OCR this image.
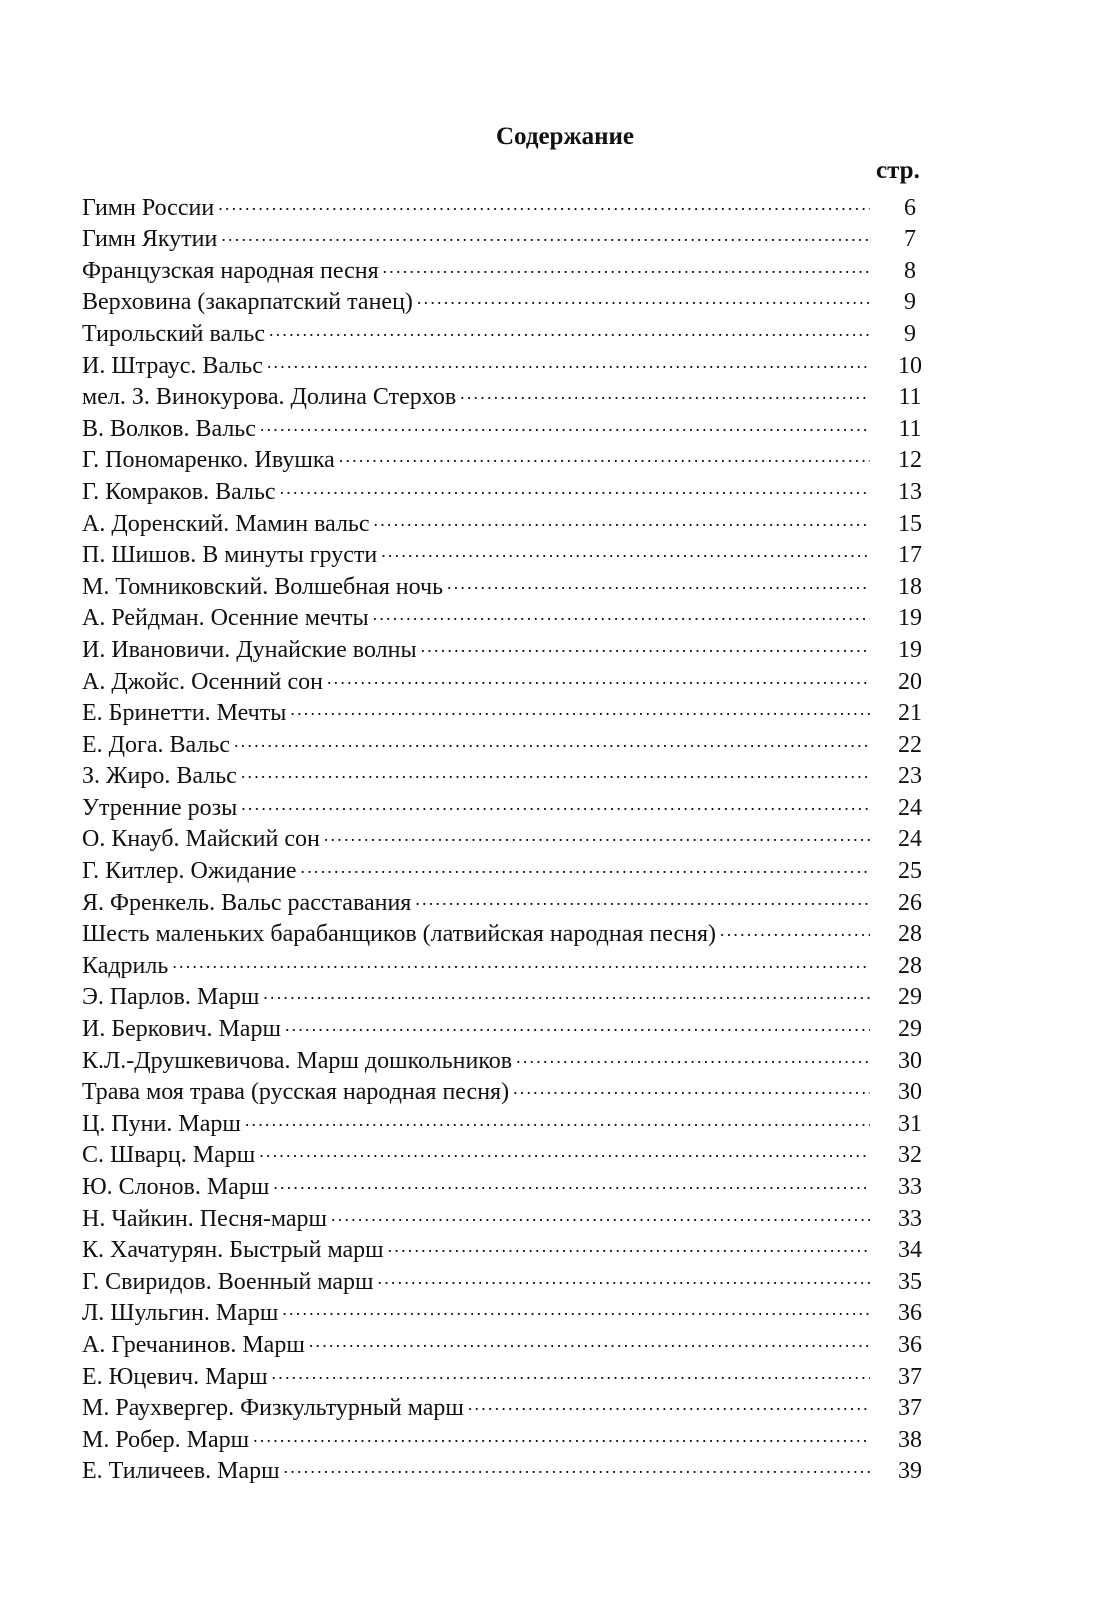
Содержание
стр.
Гимн России .....	6
Гимн Якутии .....	7
Французская народная песня .....	8
Верховина (закарпатский танец) .....	9
Тирольский вальс .....	9
И. Штраус. Вальс .....	10
мел. З. Винокурова. Долина Стерхов .....	11
В. Волков. Вальс .....	11
Г. Пономаренко. Ивушка .....	12
Г. Комраков. Вальс .....	13
А. Доренский. Мамин вальс .....	15
П. Шишов. В минуты грусти .....	17
М. Томниковский. Волшебная ночь .....	18
А. Рейдман. Осенние мечты .....	19
И. Ивановичи. Дунайские волны .....	19
А. Джойс. Осенний сон .....	20
Е. Бринетти. Мечты .....	21
Е. Дога. Вальс .....	22
З. Жиро. Вальс .....	23
Утренние розы .....	24
О. Кнауб. Майский сон .....	24
Г. Китлер. Ожидание .....	25
Я. Френкель. Вальс расставания .....	26
Шесть маленьких барабанщиков (латвийская народная песня) .....	28
Кадриль .....	28
Э. Парлов. Марш .....	29
И. Беркович. Марш .....	29
К.Л.-Друшкевичова. Марш дошкольников .....	30
Трава моя трава (русская народная песня) .....	30
Ц. Пуни. Марш .....	31
С. Шварц. Марш .....	32
Ю. Слонов. Марш .....	33
Н. Чайкин. Песня-марш .....	33
К. Хачатурян. Быстрый марш .....	34
Г. Свиридов. Военный марш .....	35
Л. Шульгин. Марш .....	36
А. Гречанинов. Марш .....	36
Е. Юцевич. Марш .....	37
М. Раухвергер. Физкультурный марш .....	37
М. Робер. Марш .....	38
Е. Тиличеев. Марш .....	39
